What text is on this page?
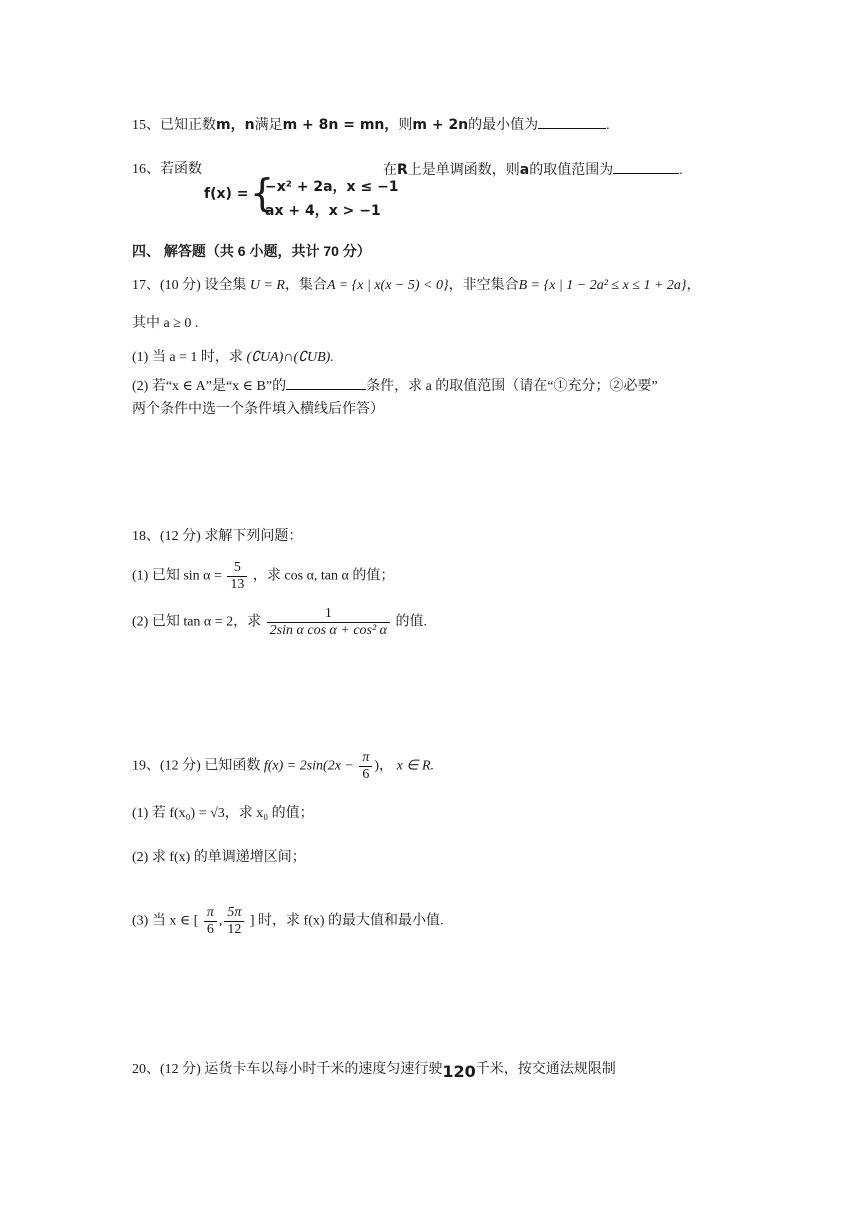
15、已知正数m，n满足m + 8n = mn，则m + 2n的最小值为	.
16、若函数
f(x) = {
−x² + 2a，x ≤ −1
ax + 4，x > −1
在R上是单调函数，则a的取值范围为	.
四、 解答题（共 6 小题，共计 70 分）
17、(10 分) 设全集 U = R，集合A = {x | x(x − 5) < 0}，非空集合B = {x | 1 − 2a² ≤ x ≤ 1 + 2a}，
其中 a ≥ 0 .
(1) 当 a = 1 时，求 (∁UA)∩(∁UB).
(2) 若“x ∈ A”是“x ∈ B”的	条件，求 a 的取值范围（请在“①充分；②必要”
两个条件中选一个条件填入横线后作答）
18、(12 分) 求解下列问题：
(1) 已知 $\sin \alpha = \frac{5}{13}$ ，求 cos α, tan α 的值；
(2) 已知 tan α = 2，求 $\frac{1}{\text{2sin α cos α + cos² α}}$ 的值.
19、(12 分) 已知函数 $f(x) = 2\sin(2x - \frac{\pi}{6}$ )， x ∈ R.
(1) 若 f(x₀) = √3，求 x₀ 的值；
(2) 求 f(x) 的单调递增区间；
(3) 当 x ∈ [ $\frac{\pi}{6}$ , $\frac{5\pi}{12}$ ] 时，求 f(x) 的最大值和最小值.
20、(12 分) 运货卡车以每小时千米的速度匀速行驶120千米，按交通法规限制
